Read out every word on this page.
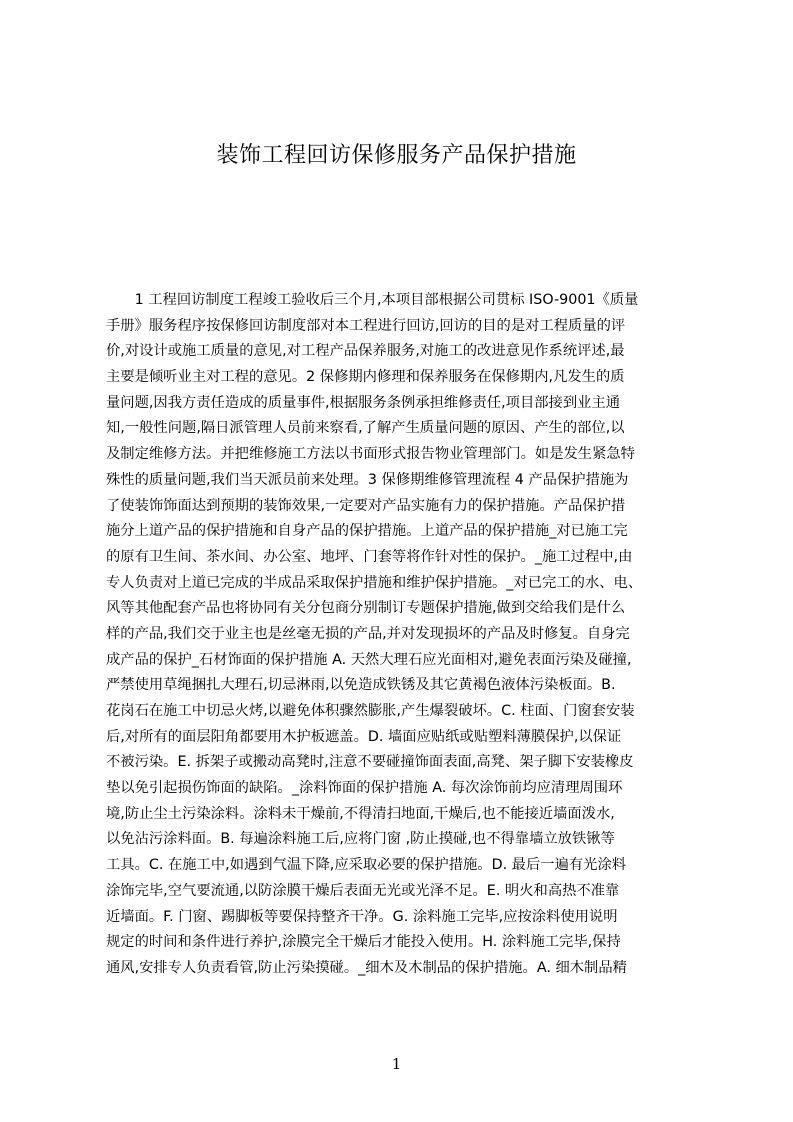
装饰工程回访保修服务产品保护措施
　　1 工程回访制度工程竣工验收后三个月,本项目部根据公司贯标 ISO-9001《质量
手册》服务程序按保修回访制度部对本工程进行回访,回访的目的是对工程质量的评
价,对设计或施工质量的意见,对工程产品保养服务,对施工的改进意见作系统评述,最
主要是倾听业主对工程的意见。2 保修期内修理和保养服务在保修期内,凡发生的质
量问题,因我方责任造成的质量事件,根据服务条例承担维修责任,项目部接到业主通
知,一般性问题,隔日派管理人员前来察看,了解产生质量问题的原因、产生的部位,以
及制定维修方法。并把维修施工方法以书面形式报告物业管理部门。如是发生紧急特
殊性的质量问题,我们当天派员前来处理。3 保修期维修管理流程 4 产品保护措施为
了使装饰饰面达到预期的装饰效果,一定要对产品实施有力的保护措施。产品保护措
施分上道产品的保护措施和自身产品的保护措施。上道产品的保护措施_对已施工完
的原有卫生间、茶水间、办公室、地坪、门套等将作针对性的保护。_施工过程中,由
专人负责对上道已完成的半成品采取保护措施和维护保护措施。_对已完工的水、电、
风等其他配套产品也将协同有关分包商分别制订专题保护措施,做到交给我们是什么
样的产品,我们交于业主也是丝毫无损的产品,并对发现损坏的产品及时修复。自身完
成产品的保护_石材饰面的保护措施 A. 天然大理石应光面相对,避免表面污染及碰撞,
严禁使用草绳捆扎大理石,切忌淋雨,以免造成铁锈及其它黄褐色液体污染板面。B.
花岗石在施工中切忌火烤,以避免体积骤然膨胀,产生爆裂破坏。C. 柱面、门窗套安装
后,对所有的面层阳角都要用木护板遮盖。D. 墙面应贴纸或贴塑料薄膜保护,以保证
不被污染。E. 拆架子或搬动高凳时,注意不要碰撞饰面表面,高凳、架子脚下安装橡皮
垫以免引起损伤饰面的缺陷。_涂料饰面的保护措施 A. 每次涂饰前均应清理周围环
境,防止尘土污染涂料。涂料未干燥前,不得清扫地面,干燥后,也不能接近墙面泼水,
以免沾污涂料面。B. 每遍涂料施工后,应将门窗 ,防止摸碰,也不得靠墙立放铁锹等
工具。C. 在施工中,如遇到气温下降,应采取必要的保护措施。D. 最后一遍有光涂料
涂饰完毕,空气要流通,以防涂膜干燥后表面无光或光泽不足。E. 明火和高热不准靠
近墙面。F. 门窗、踢脚板等要保持整齐干净。G. 涂料施工完毕,应按涂料使用说明
规定的时间和条件进行养护,涂膜完全干燥后才能投入使用。H. 涂料施工完毕,保持
通风,安排专人负责看管,防止污染摸碰。_细木及木制品的保护措施。A. 细木制品精
1
